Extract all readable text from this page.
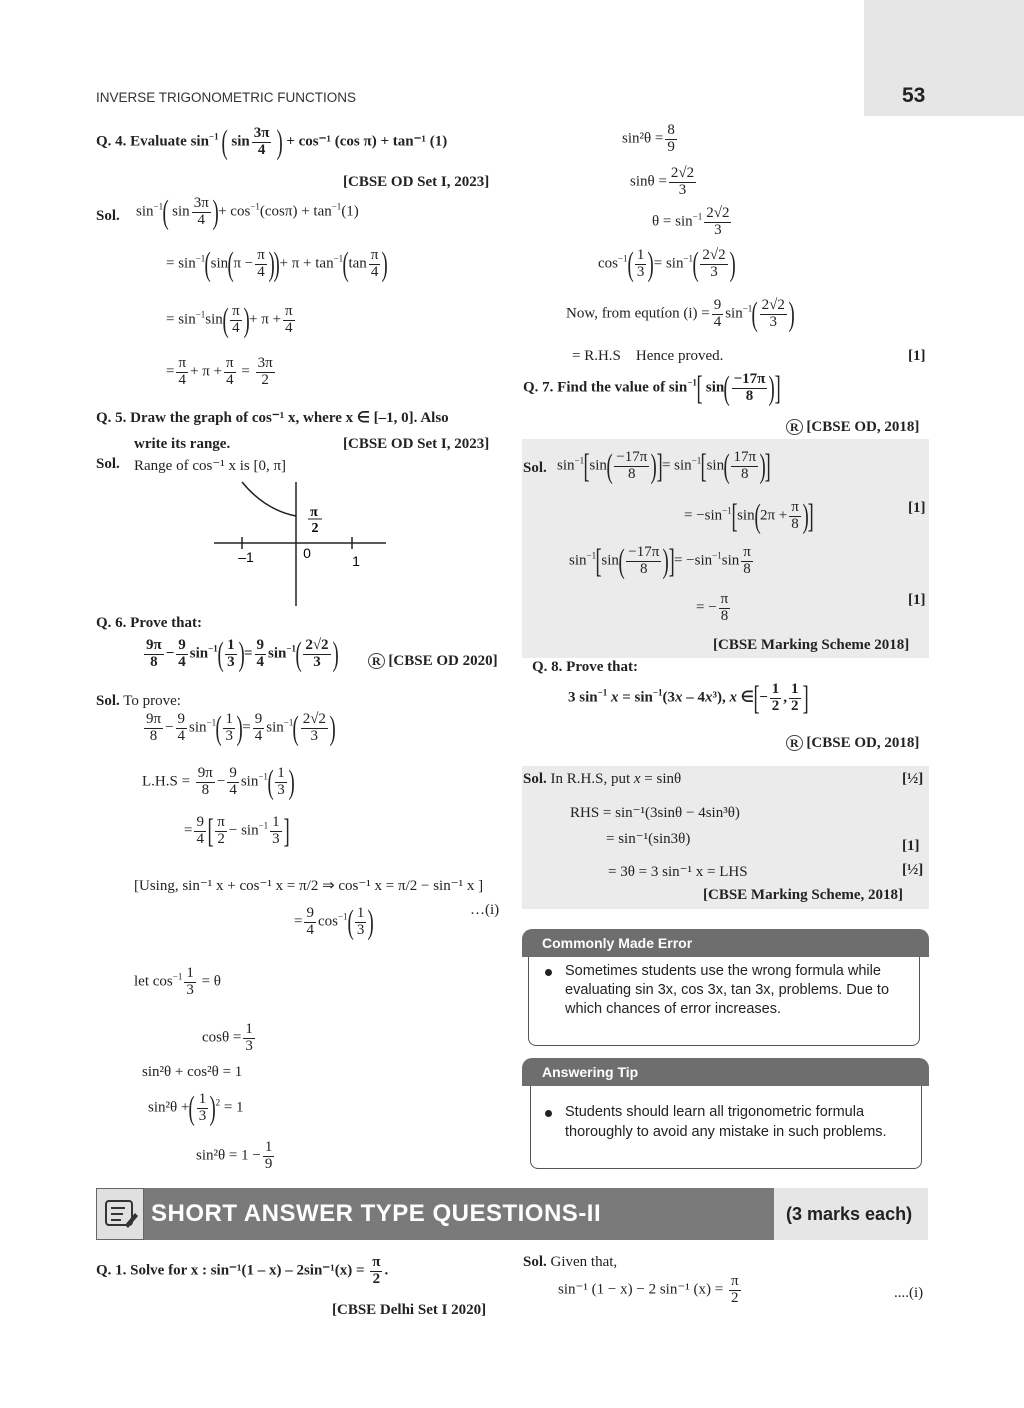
53
INVERSE TRIGONOMETRIC FUNCTIONS
Q. 4. Evaluate $\sin^{-1}$ ( $\sin \frac{3\pi}{4}$ ) + cos⁻¹ (cos π) + tan⁻¹ (1)
[CBSE OD Set I, 2023]
Sol. $\sin^{-1}$( $\sin \frac{3\pi}{4}$ )+ $\cos^{-1}(\cos\pi) + \tan^{-1}(1)$
= $\sin^{-1}(\sin(\pi - \frac{\pi}{4}$ ))+ $\pi + \tan^{-1}(\tan \frac{\pi}{4}$ )
= $\sin^{-1}\sin( \frac{\pi}{4}$ )+ $\pi + \frac{\pi}{4}$
= $\frac{\pi}{4} + \pi + \frac{\pi}{4} = \frac{3\pi}{2}$
Q. 5. Draw the graph of cos⁻¹ x, where x ∈ [–1, 0]. Also
write its range.	[CBSE OD Set I, 2023]
Sol. Range of cos⁻¹ x is [0, π]
π
2
–1	0	1
Q. 6. Prove that:
$\frac{9\pi}{8} - \frac{9}{4} \sin^{-1}( \frac{1}{3}$ )= $\frac{9}{4} \sin^{-1}( \frac{2√2}{3}$ )	R [CBSE OD 2020]
Sol. To prove:
$\frac{9\pi}{8} - \frac{9}{4} \sin^{-1}( \frac{1}{3}$ )= $\frac{9}{4} \sin^{-1}( \frac{2√2}{3}$ )
$L.H.S = \frac{9\pi}{8} - \frac{9}{4} \sin^{-1}( \frac{1}{3}$ )
= $\frac{9}{4}$ [ $\frac{\pi}{2} - \sin^{-1} \frac{1}{3}$ ]
[Using, sin⁻¹ x + cos⁻¹ x = π/2 ⇒ cos⁻¹ x = π/2 − sin⁻¹ x ]
…(i)
= $\frac{9}{4} \cos^{-1}( \frac{1}{3}$ )
let $\cos^{-1} \frac{1}{3} = \theta$
$\cos\theta = \frac{1}{3}$
sin²θ + cos²θ = 1
sin²θ +( $\frac{1}{3} )^2 = 1$
$\sin^2\theta = 1 - \frac{1}{9}$
$\sin^2\theta = \frac{8}{9}$
$\sin\theta = \frac{2√2}{3}$
$\theta = \sin^{-1} \frac{2√2}{3}$
$\cos^{-1}( \frac{1}{3}$ )= $\sin^{-1}( \frac{2√2}{3}$ )
Now, from equtíon $(i) = \frac{9}{4} \sin^{-1}( \frac{2√2}{3}$ )
= R.H.S    Hence proved.	[1]
Q. 7. Find the value of $\sin^{-1}$[ $\sin( \frac{-17\pi}{8}$ )]
R [CBSE OD, 2018]
Sol. $\sin^{-1}[\sin( \frac{-17\pi}{8}$ )]= $\sin^{-1}[\sin( \frac{17\pi}{8}$ )]
= $-\sin^{-1}[\sin(2\pi + \frac{\pi}{8}$ )]	[1]
$\sin^{-1}[\sin( \frac{-17\pi}{8}$ )]= $-\sin^{-1}\sin \frac{\pi}{8}$
= − $\frac{\pi}{8}$	[1]
[CBSE Marking Scheme 2018]
Q. 8. Prove that:
3 $\sin^{-1} x = \sin^{-1}(3x - 4x^3)$, x ∈[− $\frac{1}{2}$ , $\frac{1}{2}$ ]
R [CBSE OD, 2018]
Sol. In R.H.S, put x = sinθ	[½]
RHS = sin⁻¹(3sinθ − 4sin³θ)
= sin⁻¹(sin3θ)	[1]
= 3θ = 3 sin⁻¹ x = LHS	[½]
[CBSE Marking Scheme, 2018]
Commonly Made Error
Sometimes students use the wrong formula while
evaluating sin 3x, cos 3x, tan 3x, problems. Due to
which chances of error increases.
Answering Tip
Students should learn all trigonometric formula
thoroughly to avoid any mistake in such problems.
SHORT ANSWER TYPE QUESTIONS-II	(3 marks each)
Q. 1. Solve for x : $\sin^{-1}(1 - x) - 2\sin^{-1}(x) = \frac{\pi}{2}$ .
[CBSE Delhi Set I 2020]
Sol. Given that,
sin⁻¹ (1 − x) − 2 sin⁻¹ $(x) = \frac{\pi}{2}$	....(i)
